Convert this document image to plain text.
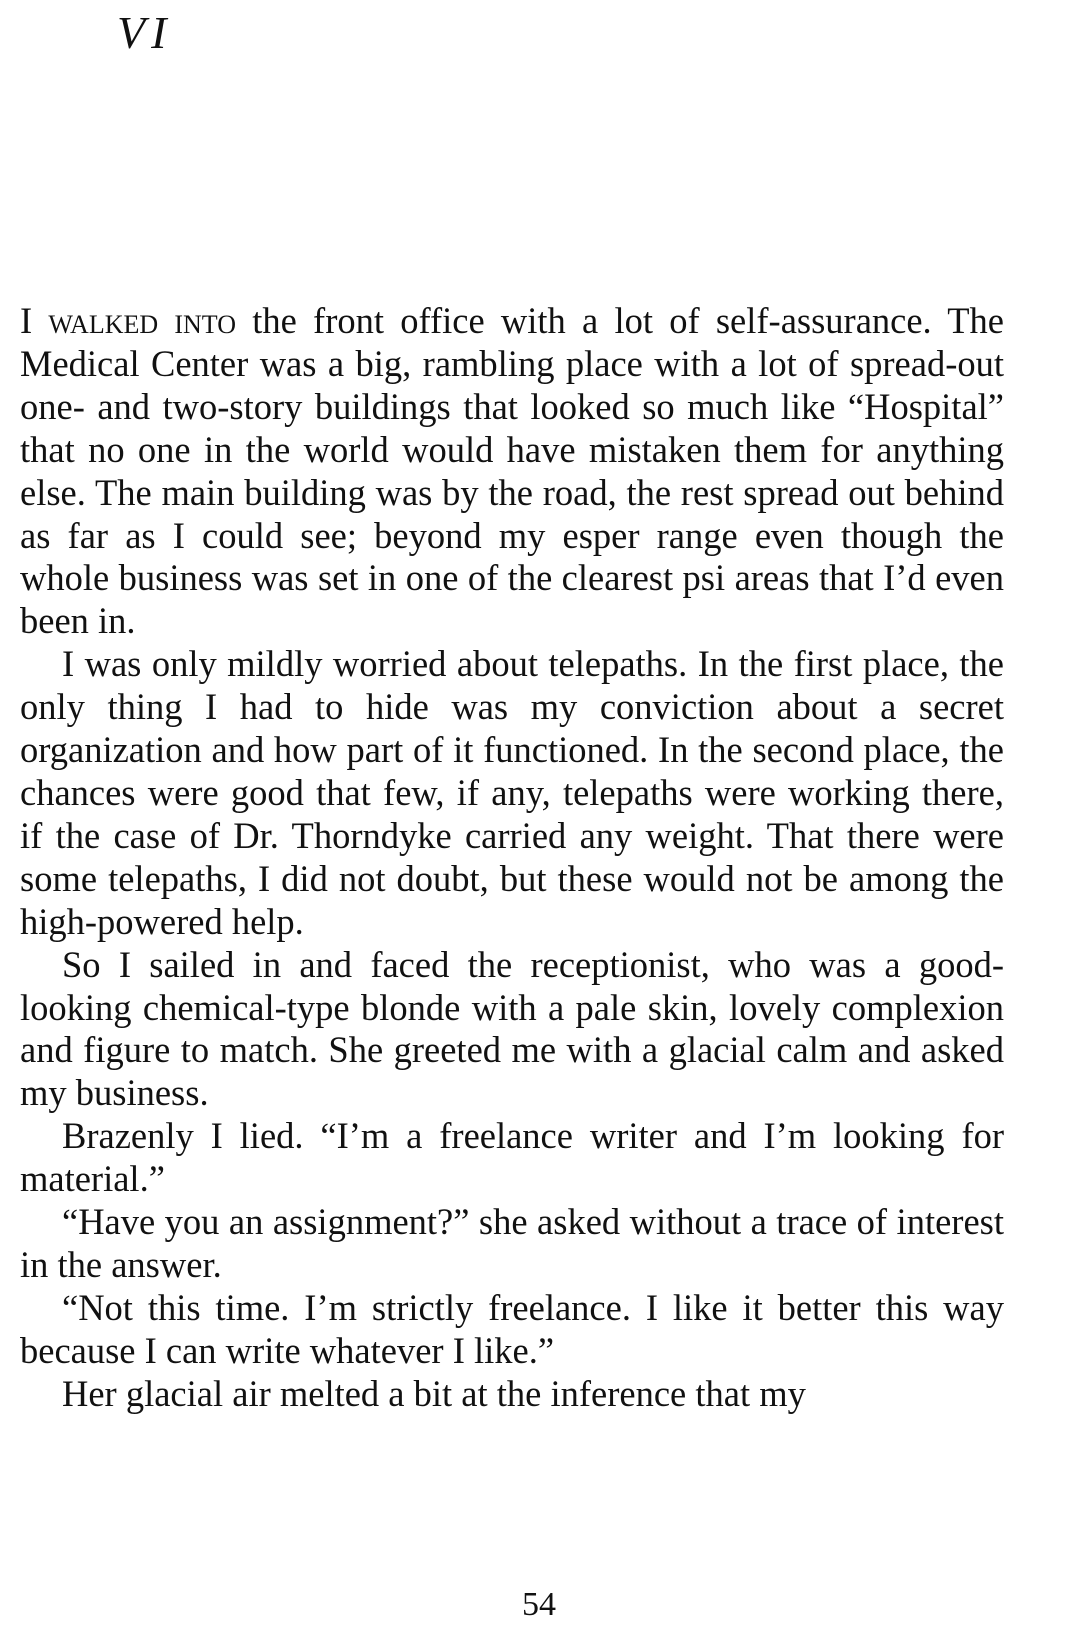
VI

I walked into the front office with a lot of self-assurance. The Medical Center was a big, rambling place with a lot of spread-out one- and two-story buildings that looked so much like “Hospital” that no one in the world would have mistaken them for anything else. The main building was by the road, the rest spread out behind as far as I could see; beyond my esper range even though the whole business was set in one of the clearest psi areas that I’d even been in.

I was only mildly worried about telepaths. In the first place, the only thing I had to hide was my conviction about a secret organization and how part of it functioned. In the second place, the chances were good that few, if any, telepaths were working there, if the case of Dr. Thorndyke carried any weight. That there were some telepaths, I did not doubt, but these would not be among the high-powered help.

So I sailed in and faced the receptionist, who was a good-looking chemical-type blonde with a pale skin, lovely complexion and figure to match. She greeted me with a glacial calm and asked my business.

Brazenly I lied. “I’m a freelance writer and I’m looking for material.”

“Have you an assignment?” she asked without a trace of interest in the answer.

“Not this time. I’m strictly freelance. I like it better this way because I can write whatever I like.”

Her glacial air melted a bit at the inference that my

54
